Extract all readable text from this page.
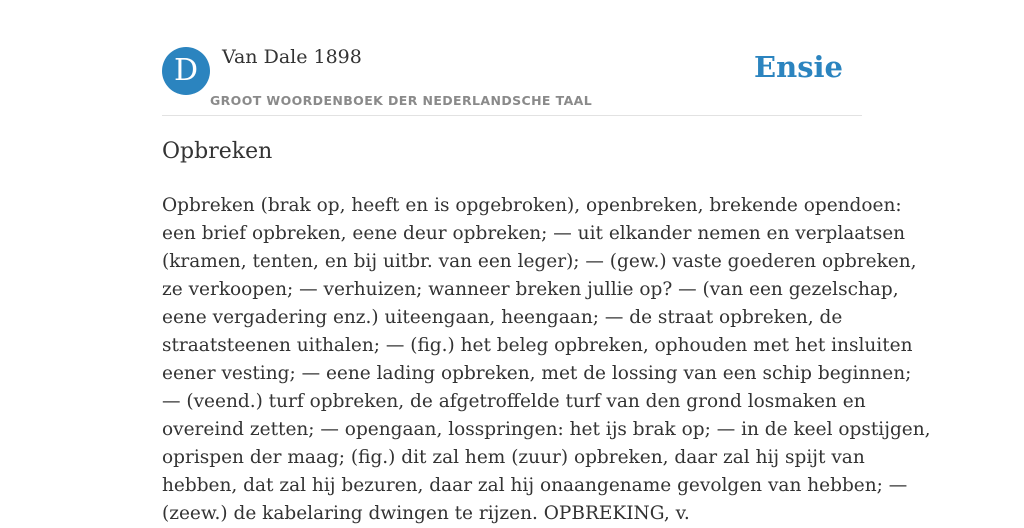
D	Van Dale 1898
GROOT WOORDENBOEK DER NEDERLANDSCHE TAAL
Ensie
Opbreken
Opbreken (brak op, heeft en is opgebroken), openbreken, brekende opendoen:
een brief opbreken, eene deur opbreken; — uit elkander nemen en verplaatsen
(kramen, tenten, en bij uitbr. van een leger); — (gew.) vaste goederen opbreken,
ze verkoopen; — verhuizen; wanneer breken jullie op? — (van een gezelschap,
eene vergadering enz.) uiteengaan, heengaan; — de straat opbreken, de
straatsteenen uithalen; — (fig.) het beleg opbreken, ophouden met het insluiten
eener vesting; — eene lading opbreken, met de lossing van een schip beginnen;
— (veend.) turf opbreken, de afgetroffelde turf van den grond losmaken en
overeind zetten; — opengaan, losspringen: het ijs brak op; — in de keel opstijgen,
oprispen der maag; (fig.) dit zal hem (zuur) opbreken, daar zal hij spijt van
hebben, dat zal hij bezuren, daar zal hij onaangename gevolgen van hebben; —
(zeew.) de kabelaring dwingen te rijzen. OPBREKING, v.
